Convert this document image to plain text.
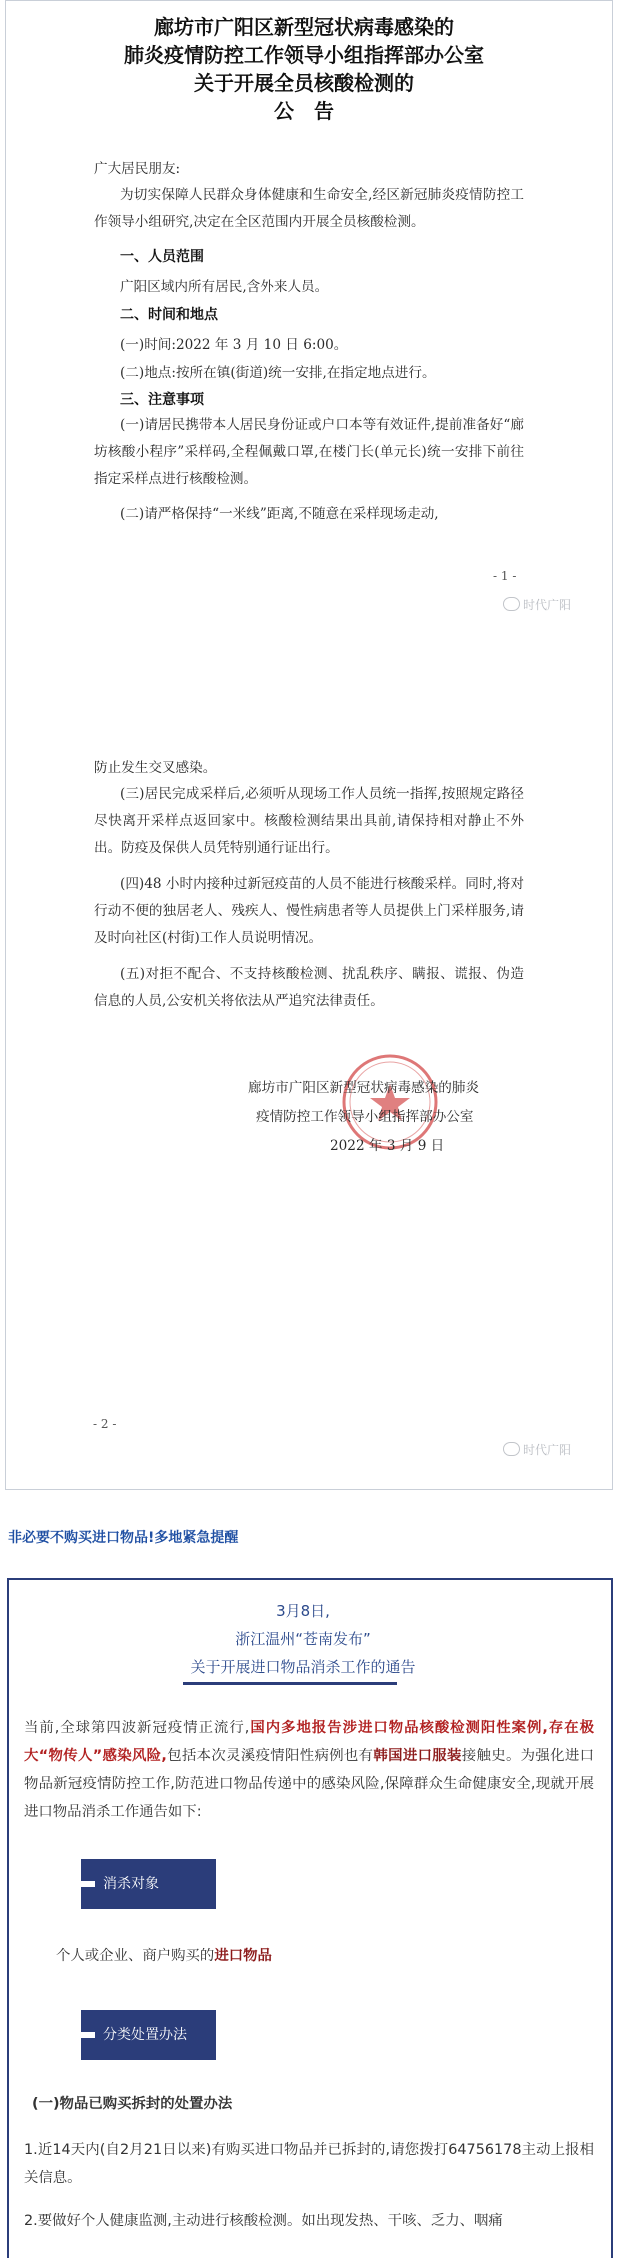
廊坊市广阳区新型冠状病毒感染的
肺炎疫情防控工作领导小组指挥部办公室
关于开展全员核酸检测的
公　告
广大居民朋友:
为切实保障人民群众身体健康和生命安全,经区新冠肺炎疫情防控工作领导小组研究,决定在全区范围内开展全员核酸检测。
一、人员范围
广阳区域内所有居民,含外来人员。
二、时间和地点
(一)时间:2022 年 3 月 10 日 6:00。
(二)地点:按所在镇(街道)统一安排,在指定地点进行。
三、注意事项
(一)请居民携带本人居民身份证或户口本等有效证件,提前准备好“廊坊核酸小程序”采样码,全程佩戴口罩,在楼门长(单元长)统一安排下前往指定采样点进行核酸检测。
(二)请严格保持“一米线”距离,不随意在采样现场走动,
- 1 -
时代广阳
防止发生交叉感染。
(三)居民完成采样后,必须听从现场工作人员统一指挥,按照规定路径尽快离开采样点返回家中。核酸检测结果出具前,请保持相对静止不外出。防疫及保供人员凭特别通行证出行。
(四)48 小时内接种过新冠疫苗的人员不能进行核酸采样。同时,将对行动不便的独居老人、残疾人、慢性病患者等人员提供上门采样服务,请及时向社区(村街)工作人员说明情况。
(五)对拒不配合、不支持核酸检测、扰乱秩序、瞒报、谎报、伪造信息的人员,公安机关将依法从严追究法律责任。
廊坊市广阳区新型冠状病毒感染的肺炎
疫情防控工作领导小组指挥部办公室
2022 年 3 月 9 日
- 2 -
时代广阳
非必要不购买进口物品!多地紧急提醒
3月8日,
浙江温州“苍南发布”
关于开展进口物品消杀工作的通告
当前,全球第四波新冠疫情正流行,国内多地报告涉进口物品核酸检测阳性案例,存在极大“物传人”感染风险,包括本次灵溪疫情阳性病例也有韩国进口服装接触史。为强化进口物品新冠疫情防控工作,防范进口物品传递中的感染风险,保障群众生命健康安全,现就开展进口物品消杀工作通告如下:
消杀对象
个人或企业、商户购买的进口物品
分类处置办法
(一)物品已购买拆封的处置办法
1.近14天内(自2月21日以来)有购买进口物品并已拆封的,请您拨打64756178主动上报相关信息。
2.要做好个人健康监测,主动进行核酸检测。如出现发热、干咳、乏力、咽痛
